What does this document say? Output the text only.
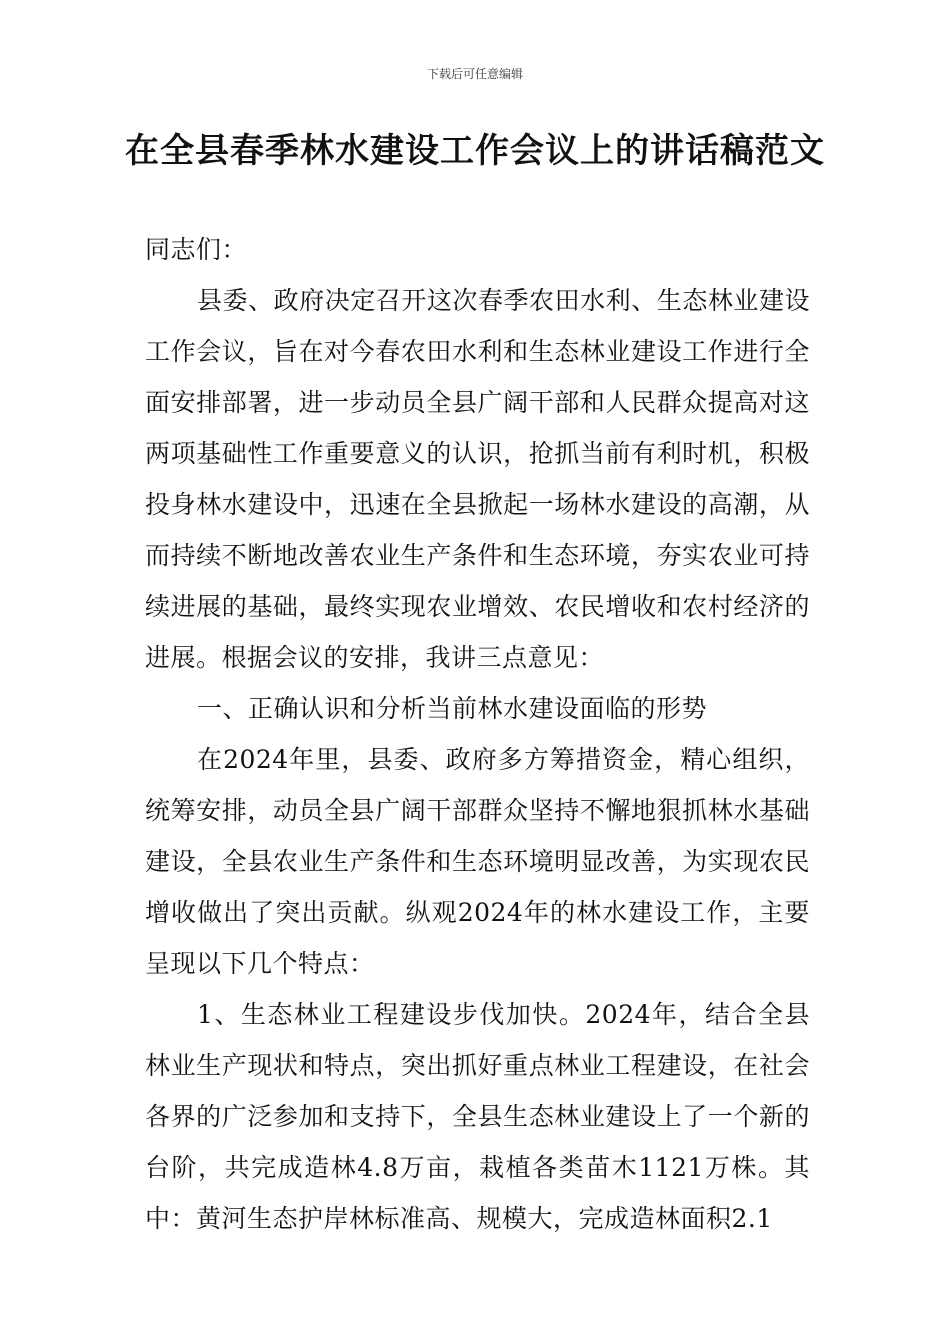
下载后可任意编辑
在全县春季林水建设工作会议上的讲话稿范文

同志们：

县委、政府决定召开这次春季农田水利、生态林业建设工作会议，旨在对今春农田水利和生态林业建设工作进行全面安排部署，进一步动员全县广阔干部和人民群众提高对这两项基础性工作重要意义的认识，抢抓当前有利时机，积极投身林水建设中，迅速在全县掀起一场林水建设的高潮，从而持续不断地改善农业生产条件和生态环境，夯实农业可持续进展的基础，最终实现农业增效、农民增收和农村经济的进展。根据会议的安排，我讲三点意见：

一、正确认识和分析当前林水建设面临的形势

在2024年里，县委、政府多方筹措资金，精心组织，统筹安排，动员全县广阔干部群众坚持不懈地狠抓林水基础建设，全县农业生产条件和生态环境明显改善，为实现农民增收做出了突出贡献。纵观2024年的林水建设工作，主要呈现以下几个特点：

1、生态林业工程建设步伐加快。2024年，结合全县林业生产现状和特点，突出抓好重点林业工程建设，在社会各界的广泛参加和支持下，全县生态林业建设上了一个新的台阶，共完成造林4.8万亩，栽植各类苗木1121万株。其中：黄河生态护岸林标准高、规模大，完成造林面积2.1
